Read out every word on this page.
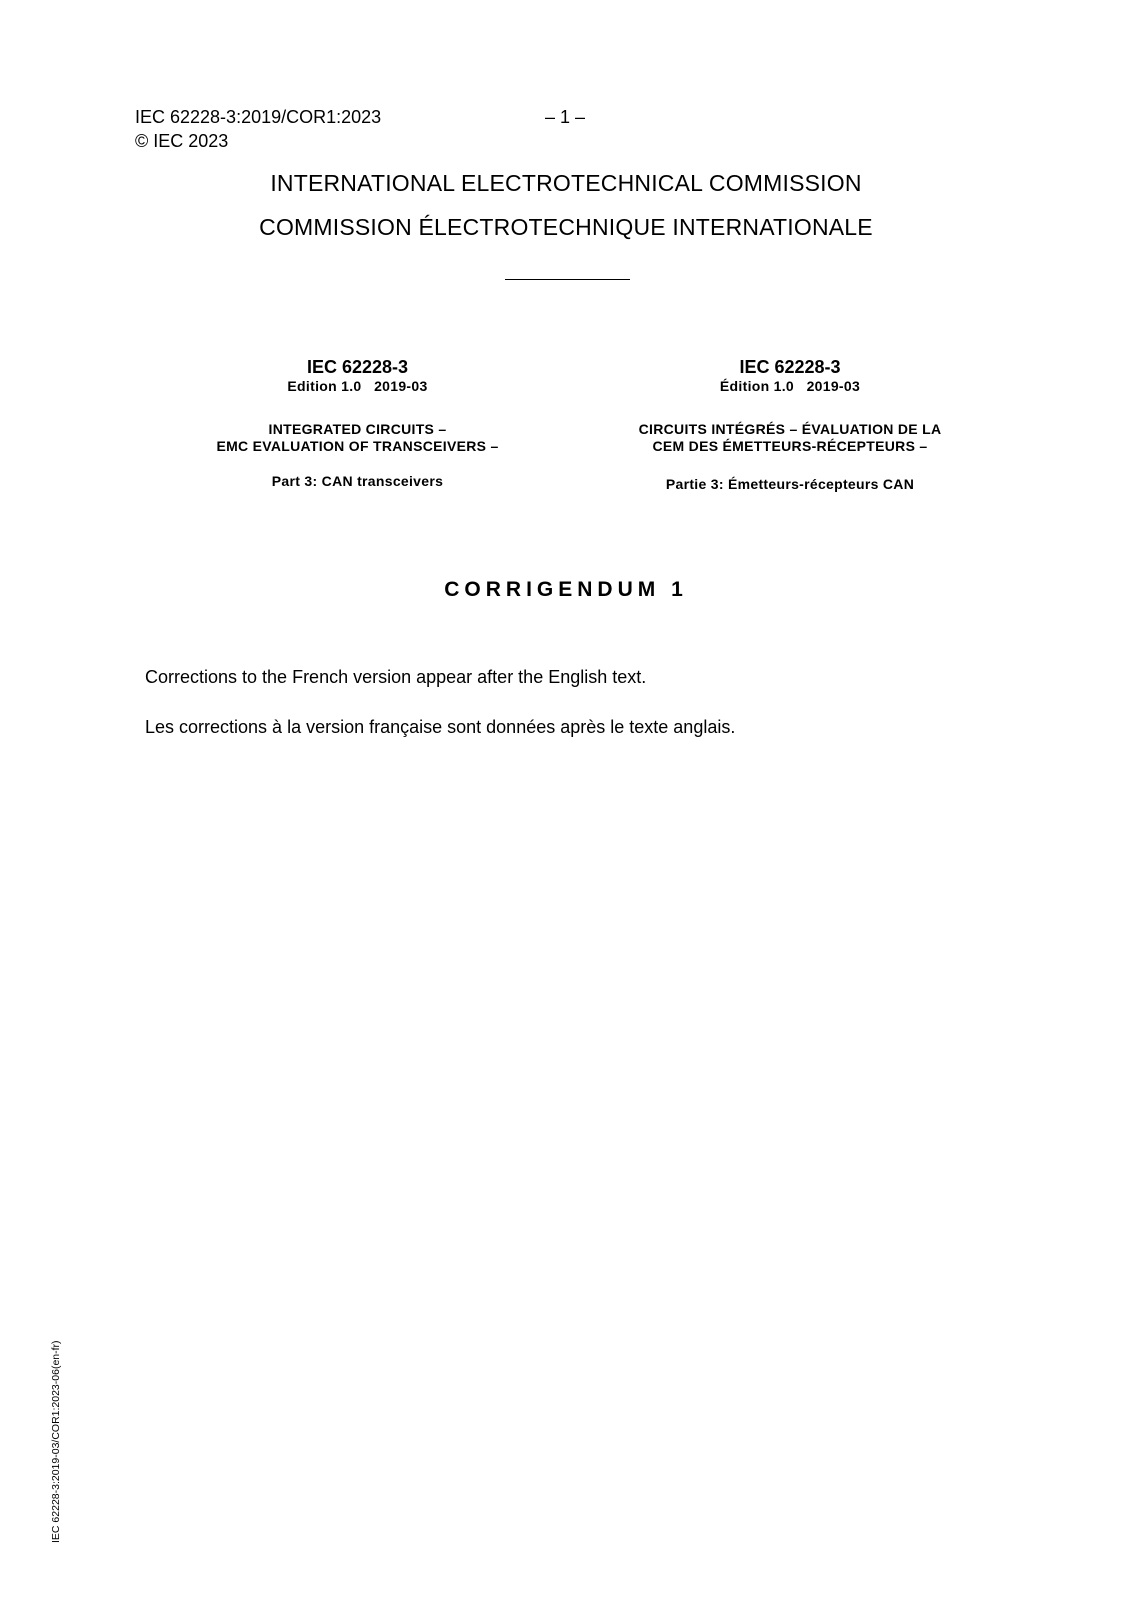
IEC 62228-3:2019/COR1:2023	– 1 –
© IEC 2023
INTERNATIONAL ELECTROTECHNICAL COMMISSION
COMMISSION ÉLECTROTECHNIQUE INTERNATIONALE
IEC 62228-3
Edition 1.0   2019-03
INTEGRATED CIRCUITS –
EMC EVALUATION OF TRANSCEIVERS –
Part 3: CAN transceivers
IEC 62228-3
Édition 1.0   2019-03
CIRCUITS INTÉGRÉS – ÉVALUATION DE LA
CEM DES ÉMETTEURS-RÉCEPTEURS –
Partie 3: Émetteurs-récepteurs CAN
CORRIGENDUM 1
Corrections to the French version appear after the English text.
Les corrections à la version française sont données après le texte anglais.
IEC 62228-3:2019-03/COR1:2023-06(en-fr)
